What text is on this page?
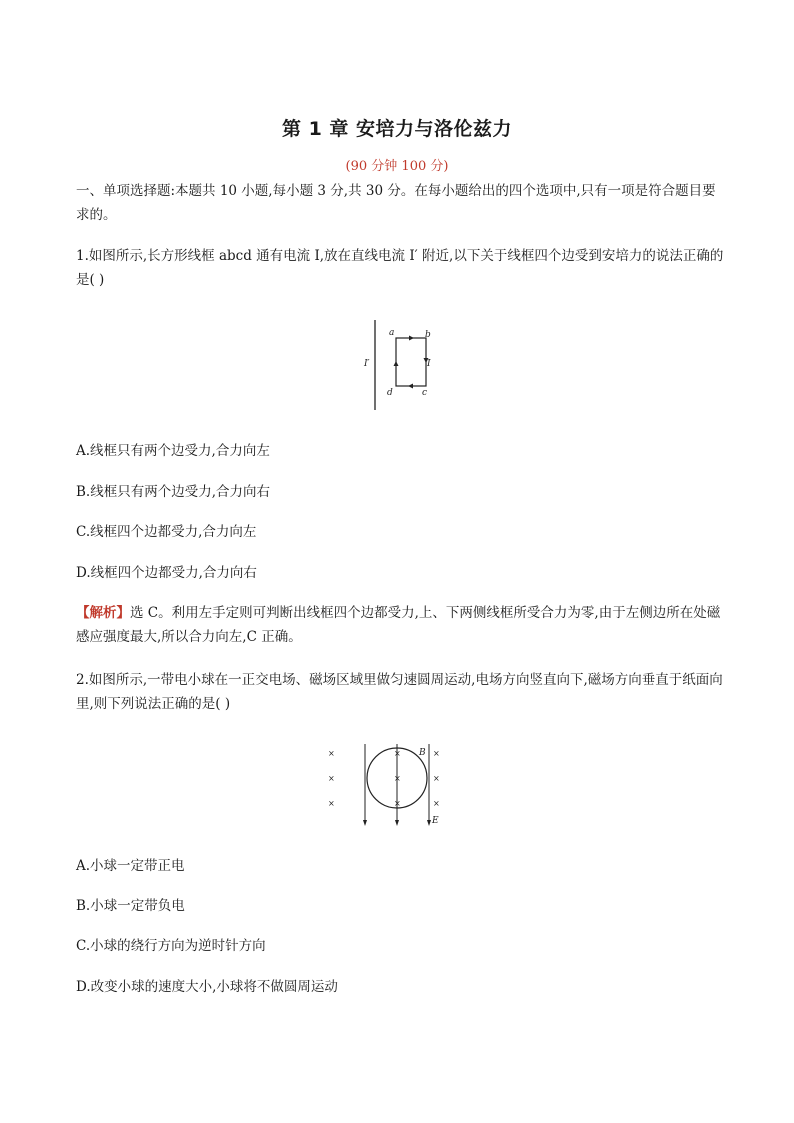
第 1 章 安培力与洛伦兹力
(90 分钟 100 分)
一、单项选择题:本题共 10 小题,每小题 3 分,共 30 分。在每小题给出的四个选项中,只有一项是符合题目要求的。
1.如图所示,长方形线框 abcd 通有电流 I,放在直线电流 I′ 附近,以下关于线框四个边受到安培力的说法正确的是( )
a	b
d	c
I
I′
A.线框只有两个边受力,合力向左
B.线框只有两个边受力,合力向右
C.线框四个边都受力,合力向左
D.线框四个边都受力,合力向右
【解析】选 C。利用左手定则可判断出线框四个边都受力,上、下两侧线框所受合力为零,由于左侧边所在处磁感应强度最大,所以合力向左,C 正确。
2.如图所示,一带电小球在一正交电场、磁场区域里做匀速圆周运动,电场方向竖直向下,磁场方向垂直于纸面向里,则下列说法正确的是( )
×
×
×
×
×
×
×
×
×
B
E
A.小球一定带正电
B.小球一定带负电
C.小球的绕行方向为逆时针方向
D.改变小球的速度大小,小球将不做圆周运动
